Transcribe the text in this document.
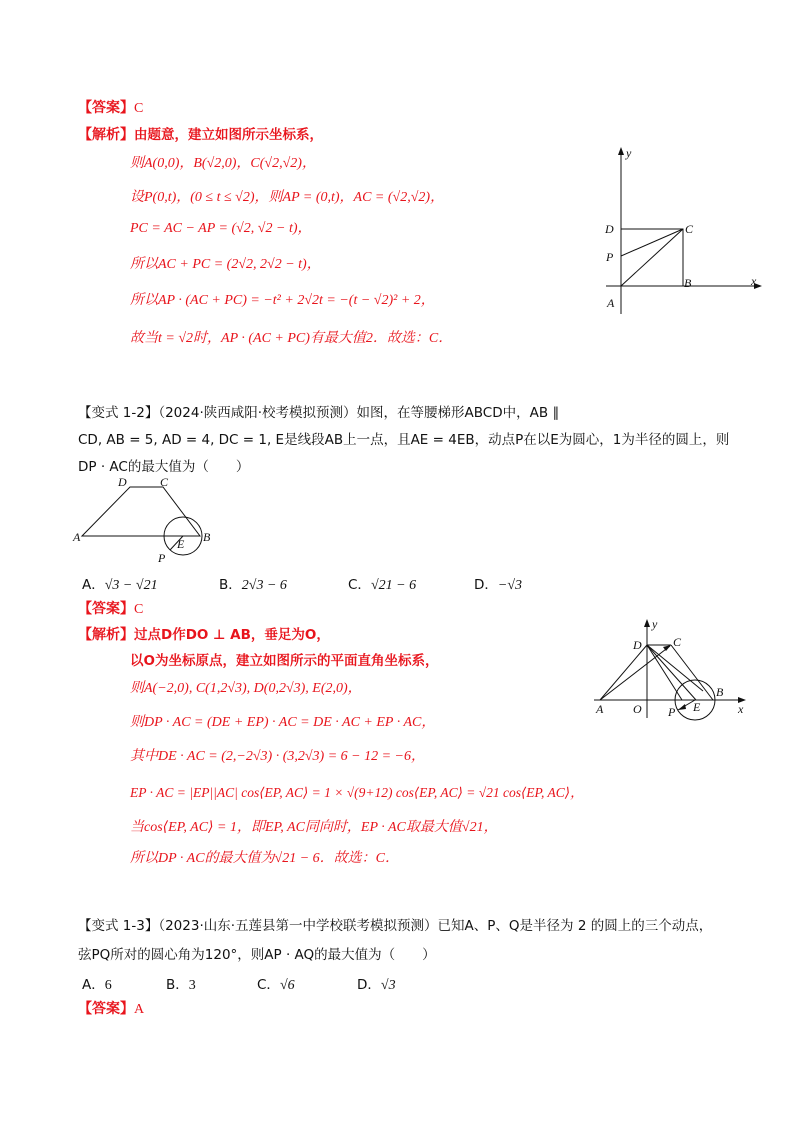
【答案】C
【解析】由题意，建立如图所示坐标系，
则A(0,0)，B(√2,0)，C(√2,√2)，
设P(0,t)，(0 ≤ t ≤ √2)，则AP = (0,t)，AC = (√2,√2)，
PC = AC − AP = (√2, √2 − t)，
所以AC + PC = (2√2, 2√2 − t)，
所以AP · (AC + PC) = −t² + 2√2t = −(t − √2)² + 2，
故当t = √2时，AP · (AC + PC)有最大值2．故选：C．
y
x
D	C
P
B
A
【变式 1-2】（2024·陕西咸阳·校考模拟预测）如图，在等腰梯形ABCD中，AB ∥
CD, AB = 5, AD = 4, DC = 1, E是线段AB上一点，且AE = 4EB，动点P在以E为圆心，1为半径的圆上，则
DP · AC的最大值为（　　）
D	C
A	E B
P
A．√3 − √21	B．2√3 − 6	C．√21 − 6	D．−√3
【答案】C
【解析】过点D作DO ⊥ AB，垂足为O，
以O为坐标原点，建立如图所示的平面直角坐标系，
则A(−2,0), C(1,2√3), D(0,2√3), E(2,0)，
则DP · AC = (DE + EP) · AC = DE · AC + EP · AC，
其中DE · AC = (2,−2√3) · (3,2√3) = 6 − 12 = −6，
EP · AC = |EP||AC| cos⟨EP, AC⟩ = 1 × √(9+12) cos⟨EP, AC⟩ = √21 cos⟨EP, AC⟩，
当cos⟨EP, AC⟩ = 1，即EP, AC同向时，EP · AC取最大值√21，
所以DP · AC的最大值为√21 − 6．故选：C．
y
D	C
B
A O P E	x
【变式 1-3】（2023·山东·五莲县第一中学校联考模拟预测）已知A、P、Q是半径为 2 的圆上的三个动点，
弦PQ所对的圆心角为120°，则AP · AQ的最大值为（　　）
A．6	B．3	C．√6	D．√3
【答案】A
